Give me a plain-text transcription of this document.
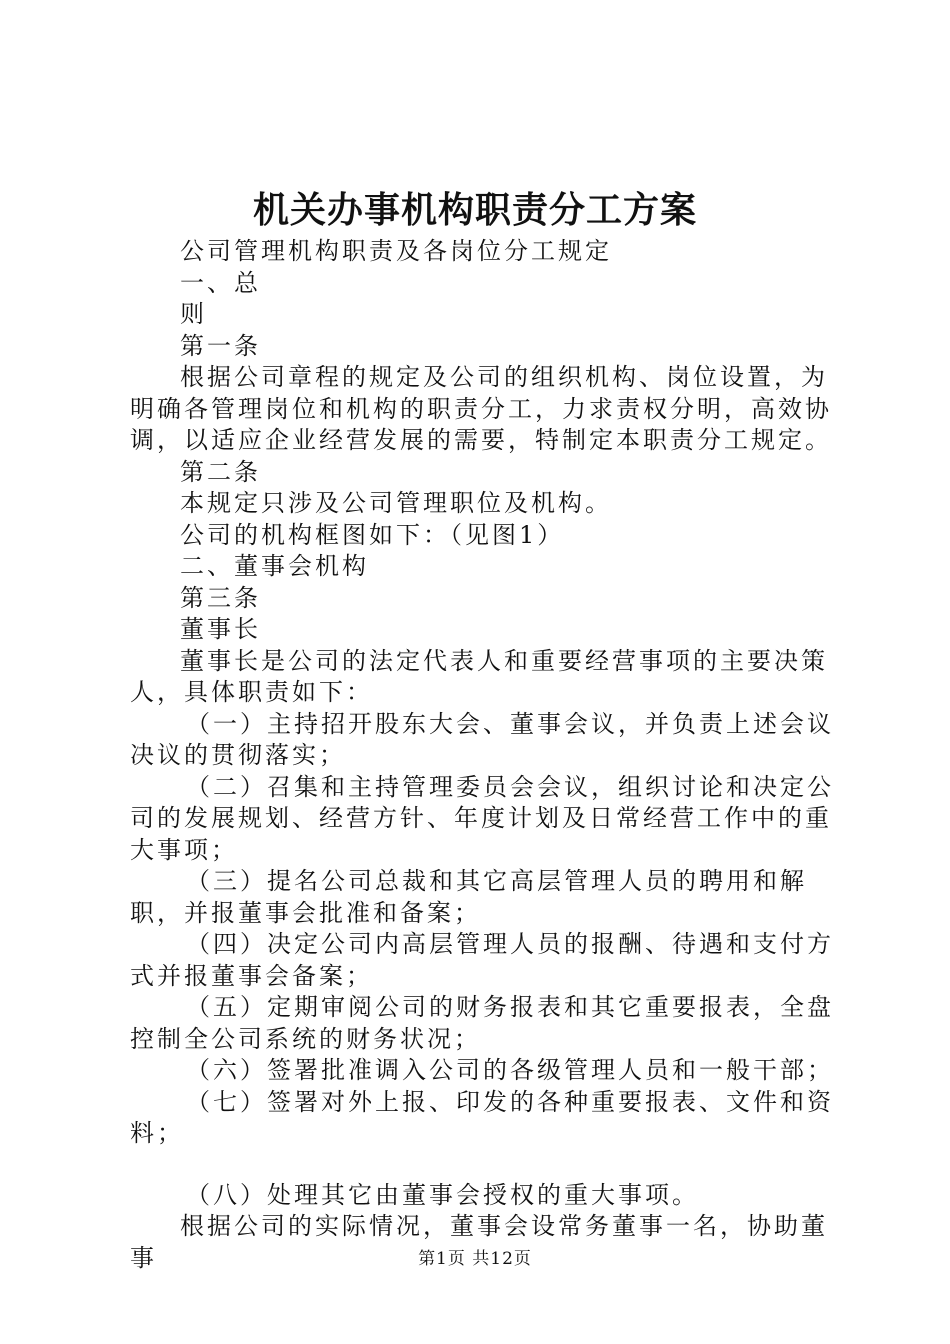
机关办事机构职责分工方案

公司管理机构职责及各岗位分工规定

一、总

则

第一条

根据公司章程的规定及公司的组织机构、岗位设置，为明确各管理岗位和机构的职责分工，力求责权分明，高效协调，以适应企业经营发展的需要，特制定本职责分工规定。

第二条

本规定只涉及公司管理职位及机构。

公司的机构框图如下：（见图1）

二、董事会机构

第三条

董事长

董事长是公司的法定代表人和重要经营事项的主要决策人，具体职责如下：

（一）主持招开股东大会、董事会议，并负责上述会议决议的贯彻落实；

（二）召集和主持管理委员会会议，组织讨论和决定公司的发展规划、经营方针、年度计划及日常经营工作中的重大事项；

（三）提名公司总裁和其它高层管理人员的聘用和解职，并报董事会批准和备案；

（四）决定公司内高层管理人员的报酬、待遇和支付方式并报董事会备案；

（五）定期审阅公司的财务报表和其它重要报表，全盘控制全公司系统的财务状况；

（六）签署批准调入公司的各级管理人员和一般干部；

（七）签署对外上报、印发的各种重要报表、文件和资料；

（八）处理其它由董事会授权的重大事项。

根据公司的实际情况，董事会设常务董事一名，协助董事	第1页 共12页
